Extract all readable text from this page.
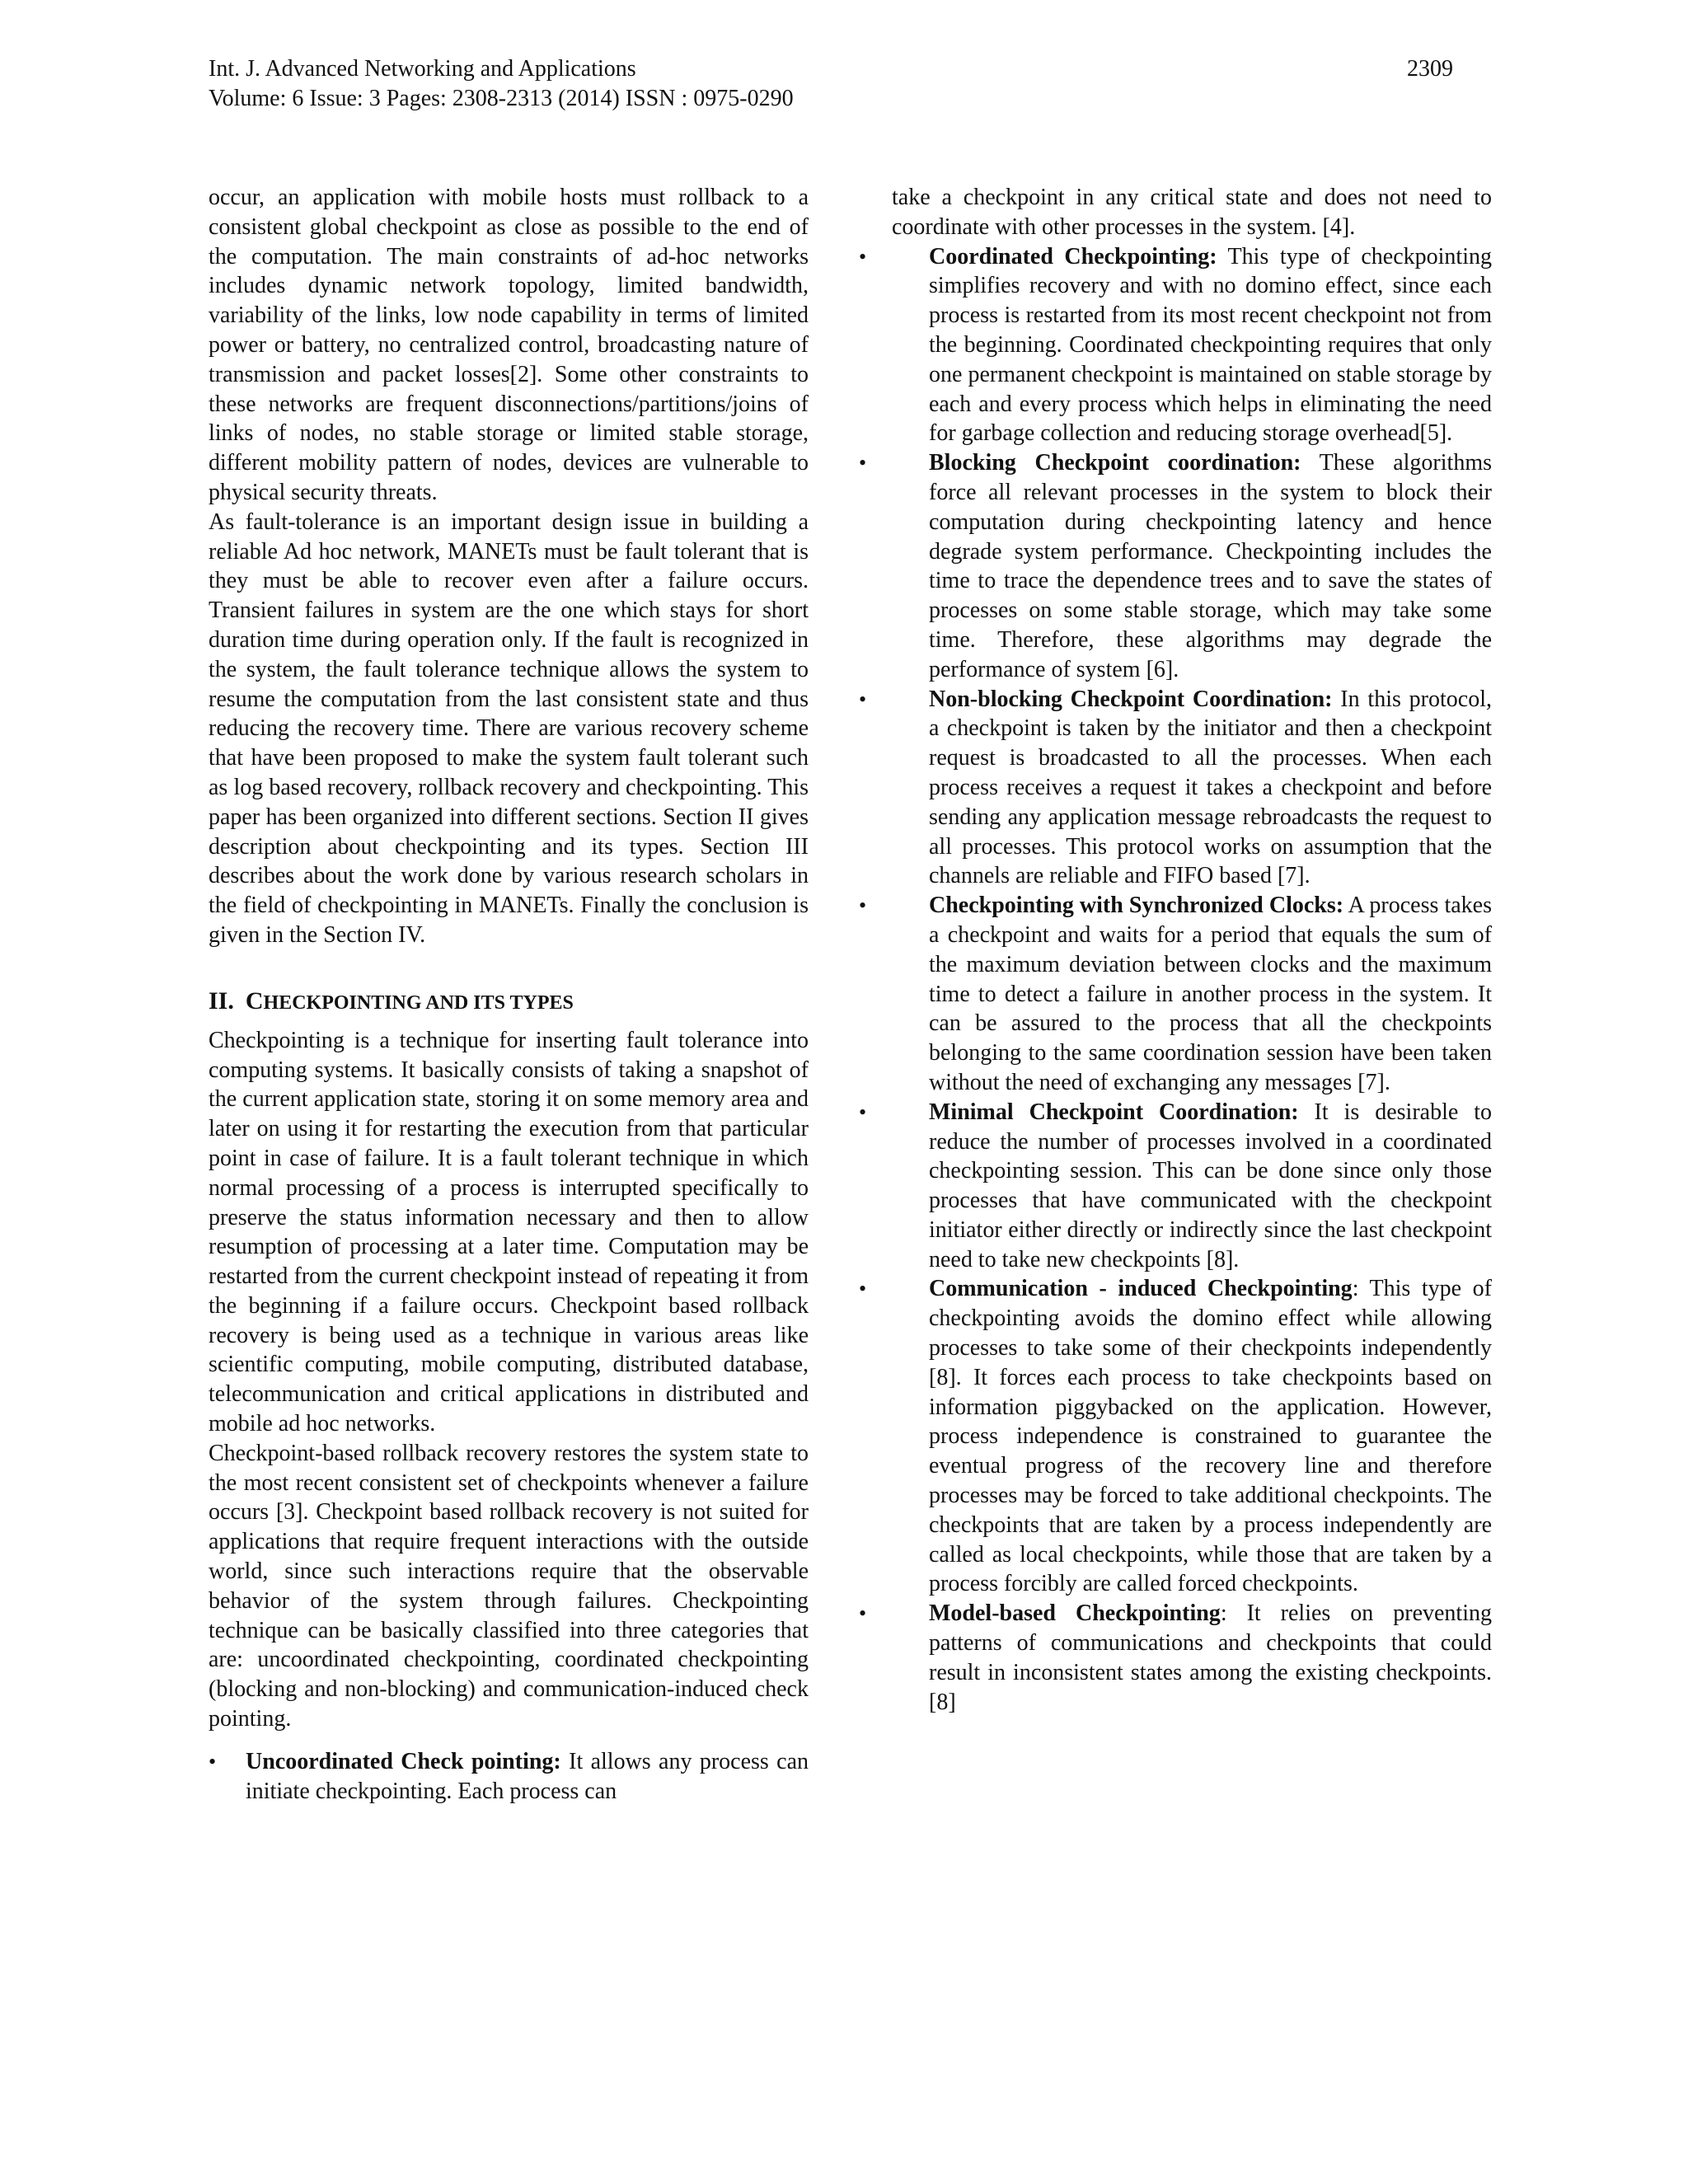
Int. J. Advanced Networking and Applications	2309
Volume: 6 Issue: 3 Pages: 2308-2313 (2014) ISSN : 0975-0290

occur, an application with mobile hosts must rollback to a consistent global checkpoint as close as possible to the end of the computation. The main constraints of ad-hoc networks includes dynamic network topology, limited bandwidth, variability of the links, low node capability in terms of limited power or battery, no centralized control, broadcasting nature of transmission and packet losses[2]. Some other constraints to these networks are frequent disconnections/partitions/joins of links of nodes, no stable storage or limited stable storage, different mobility pattern of nodes, devices are vulnerable to physical security threats.

As fault-tolerance is an important design issue in building a reliable Ad hoc network, MANETs must be fault tolerant that is they must be able to recover even after a failure occurs. Transient failures in system are the one which stays for short duration time during operation only. If the fault is recognized in the system, the fault tolerance technique allows the system to resume the computation from the last consistent state and thus reducing the recovery time. There are various recovery scheme that have been proposed to make the system fault tolerant such as log based recovery, rollback recovery and checkpointing. This paper has been organized into different sections. Section II gives description about checkpointing and its types. Section III describes about the work done by various research scholars in the field of checkpointing in MANETs. Finally the conclusion is given in the Section IV.

II. CHECKPOINTING AND ITS TYPES

Checkpointing is a technique for inserting fault tolerance into computing systems. It basically consists of taking a snapshot of the current application state, storing it on some memory area and later on using it for restarting the execution from that particular point in case of failure. It is a fault tolerant technique in which normal processing of a process is interrupted specifically to preserve the status information necessary and then to allow resumption of processing at a later time. Computation may be restarted from the current checkpoint instead of repeating it from the beginning if a failure occurs. Checkpoint based rollback recovery is being used as a technique in various areas like scientific computing, mobile computing, distributed database, telecommunication and critical applications in distributed and mobile ad hoc networks.

Checkpoint-based rollback recovery restores the system state to the most recent consistent set of checkpoints whenever a failure occurs [3]. Checkpoint based rollback recovery is not suited for applications that require frequent interactions with the outside world, since such interactions require that the observable behavior of the system through failures. Checkpointing technique can be basically classified into three categories that are: uncoordinated checkpointing, coordinated checkpointing (blocking and non-blocking) and communication-induced check pointing.

• Uncoordinated Check pointing: It allows any process can initiate checkpointing. Each process can

take a checkpoint in any critical state and does not need to coordinate with other processes in the system. [4].

•	Coordinated Checkpointing: This type of checkpointing simplifies recovery and with no domino effect, since each process is restarted from its most recent checkpoint not from the beginning. Coordinated checkpointing requires that only one permanent checkpoint is maintained on stable storage by each and every process which helps in eliminating the need for garbage collection and reducing storage overhead[5].
•	Blocking Checkpoint coordination: These algorithms force all relevant processes in the system to block their computation during checkpointing latency and hence degrade system performance. Checkpointing includes the time to trace the dependence trees and to save the states of processes on some stable storage, which may take some time. Therefore, these algorithms may degrade the performance of system [6].
•	Non-blocking Checkpoint Coordination: In this protocol, a checkpoint is taken by the initiator and then a checkpoint request is broadcasted to all the processes. When each process receives a request it takes a checkpoint and before sending any application message rebroadcasts the request to all processes. This protocol works on assumption that the channels are reliable and FIFO based [7].
•	Checkpointing with Synchronized Clocks: A process takes a checkpoint and waits for a period that equals the sum of the maximum deviation between clocks and the maximum time to detect a failure in another process in the system. It can be assured to the process that all the checkpoints belonging to the same coordination session have been taken without the need of exchanging any messages [7].
•	Minimal Checkpoint Coordination: It is desirable to reduce the number of processes involved in a coordinated checkpointing session. This can be done since only those processes that have communicated with the checkpoint initiator either directly or indirectly since the last checkpoint need to take new checkpoints [8].
•	Communication - induced Checkpointing: This type of checkpointing avoids the domino effect while allowing processes to take some of their checkpoints independently [8]. It forces each process to take checkpoints based on information piggybacked on the application. However, process independence is constrained to guarantee the eventual progress of the recovery line and therefore processes may be forced to take additional checkpoints. The checkpoints that are taken by a process independently are called as local checkpoints, while those that are taken by a process forcibly are called forced checkpoints.
•	Model-based Checkpointing: It relies on preventing patterns of communications and checkpoints that could result in inconsistent states among the existing checkpoints.[8]
